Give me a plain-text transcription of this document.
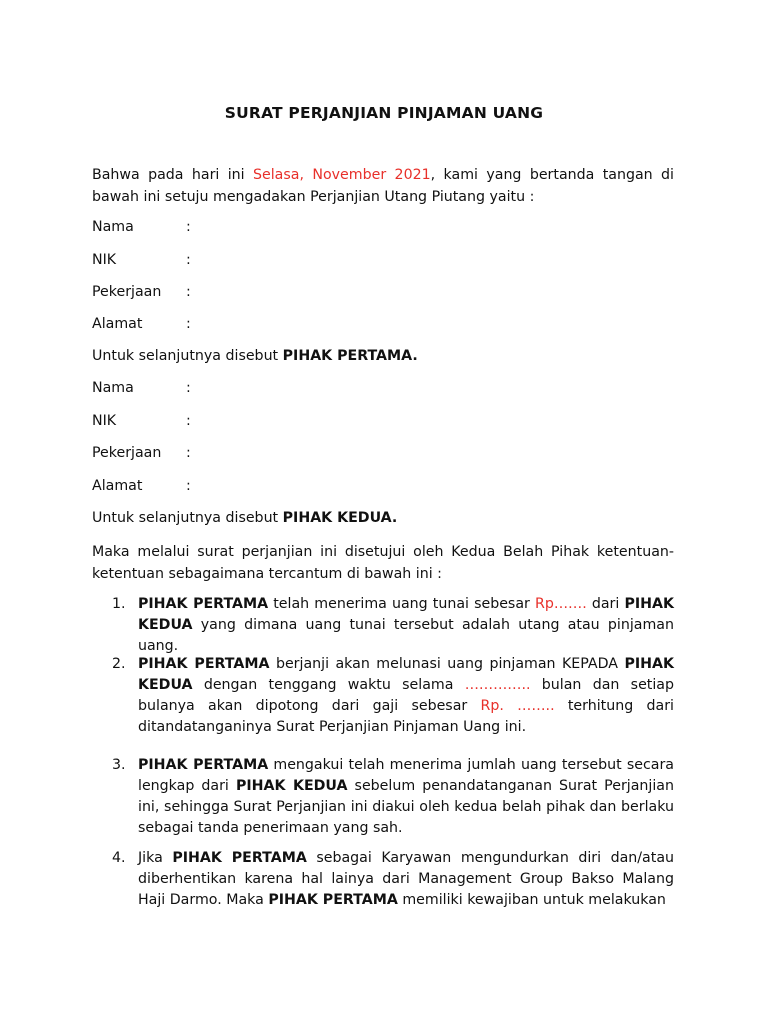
SURAT PERJANJIAN PINJAMAN UANG
Bahwa pada hari ini Selasa, November 2021, kami yang bertanda tangan di bawah ini setuju mengadakan Perjanjian Utang Piutang yaitu :
Nama	:
NIK	:
Pekerjaan :
Alamat	:
Untuk selanjutnya disebut PIHAK PERTAMA.
Nama	:
NIK	:
Pekerjaan :
Alamat	:
Untuk selanjutnya disebut PIHAK KEDUA.
Maka melalui surat perjanjian ini disetujui oleh Kedua Belah Pihak ketentuan-ketentuan sebagaimana tercantum di bawah ini :
1. PIHAK PERTAMA telah menerima uang tunai sebesar Rp……. dari PIHAK KEDUA yang dimana uang tunai tersebut adalah utang atau pinjaman uang.
2. PIHAK PERTAMA berjanji akan melunasi uang pinjaman KEPADA PIHAK KEDUA dengan tenggang waktu selama ………….. bulan dan setiap bulanya akan dipotong dari gaji sebesar Rp. …….. terhitung dari ditandatanganinya Surat Perjanjian Pinjaman Uang ini.
3. PIHAK PERTAMA mengakui telah menerima jumlah uang tersebut secara lengkap dari PIHAK KEDUA sebelum penandatanganan Surat Perjanjian ini, sehingga Surat Perjanjian ini diakui oleh kedua belah pihak dan berlaku sebagai tanda penerimaan yang sah.
4. Jika PIHAK PERTAMA sebagai Karyawan mengundurkan diri dan/atau diberhentikan karena hal lainya dari Management Group Bakso Malang Haji Darmo. Maka PIHAK PERTAMA memiliki kewajiban untuk melakukan
